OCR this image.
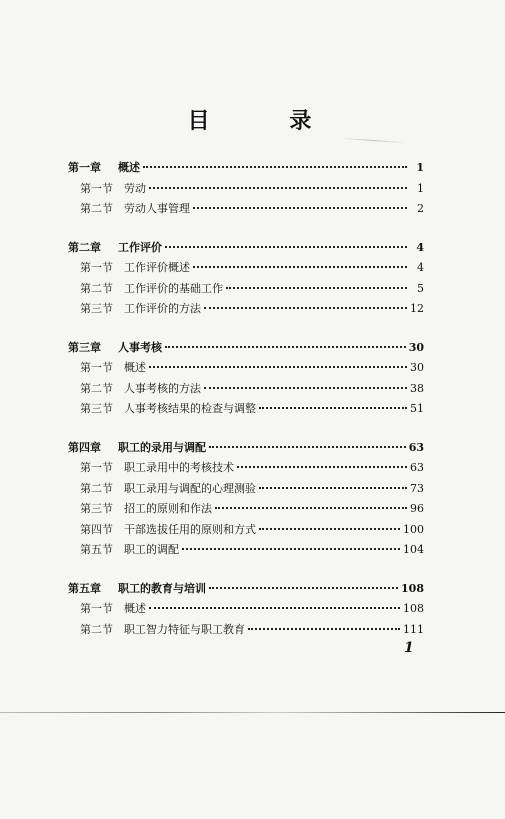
目 录
第一章	概述	1
第一节	劳动	1
第二节	劳动人事管理	2
第二章	工作评价	4
第一节	工作评价概述	4
第二节	工作评价的基础工作	5
第三节	工作评价的方法	12
第三章	人事考核	30
第一节	概述	30
第二节	人事考核的方法	38
第三节	人事考核结果的检查与调整	51
第四章	职工的录用与调配	63
第一节	职工录用中的考核技术	63
第二节	职工录用与调配的心理测验	73
第三节	招工的原则和作法	96
第四节	干部选拔任用的原则和方式	100
第五节	职工的调配	104
第五章	职工的教育与培训	108
第一节	概述	108
第二节	职工智力特征与职工教育	111
1
